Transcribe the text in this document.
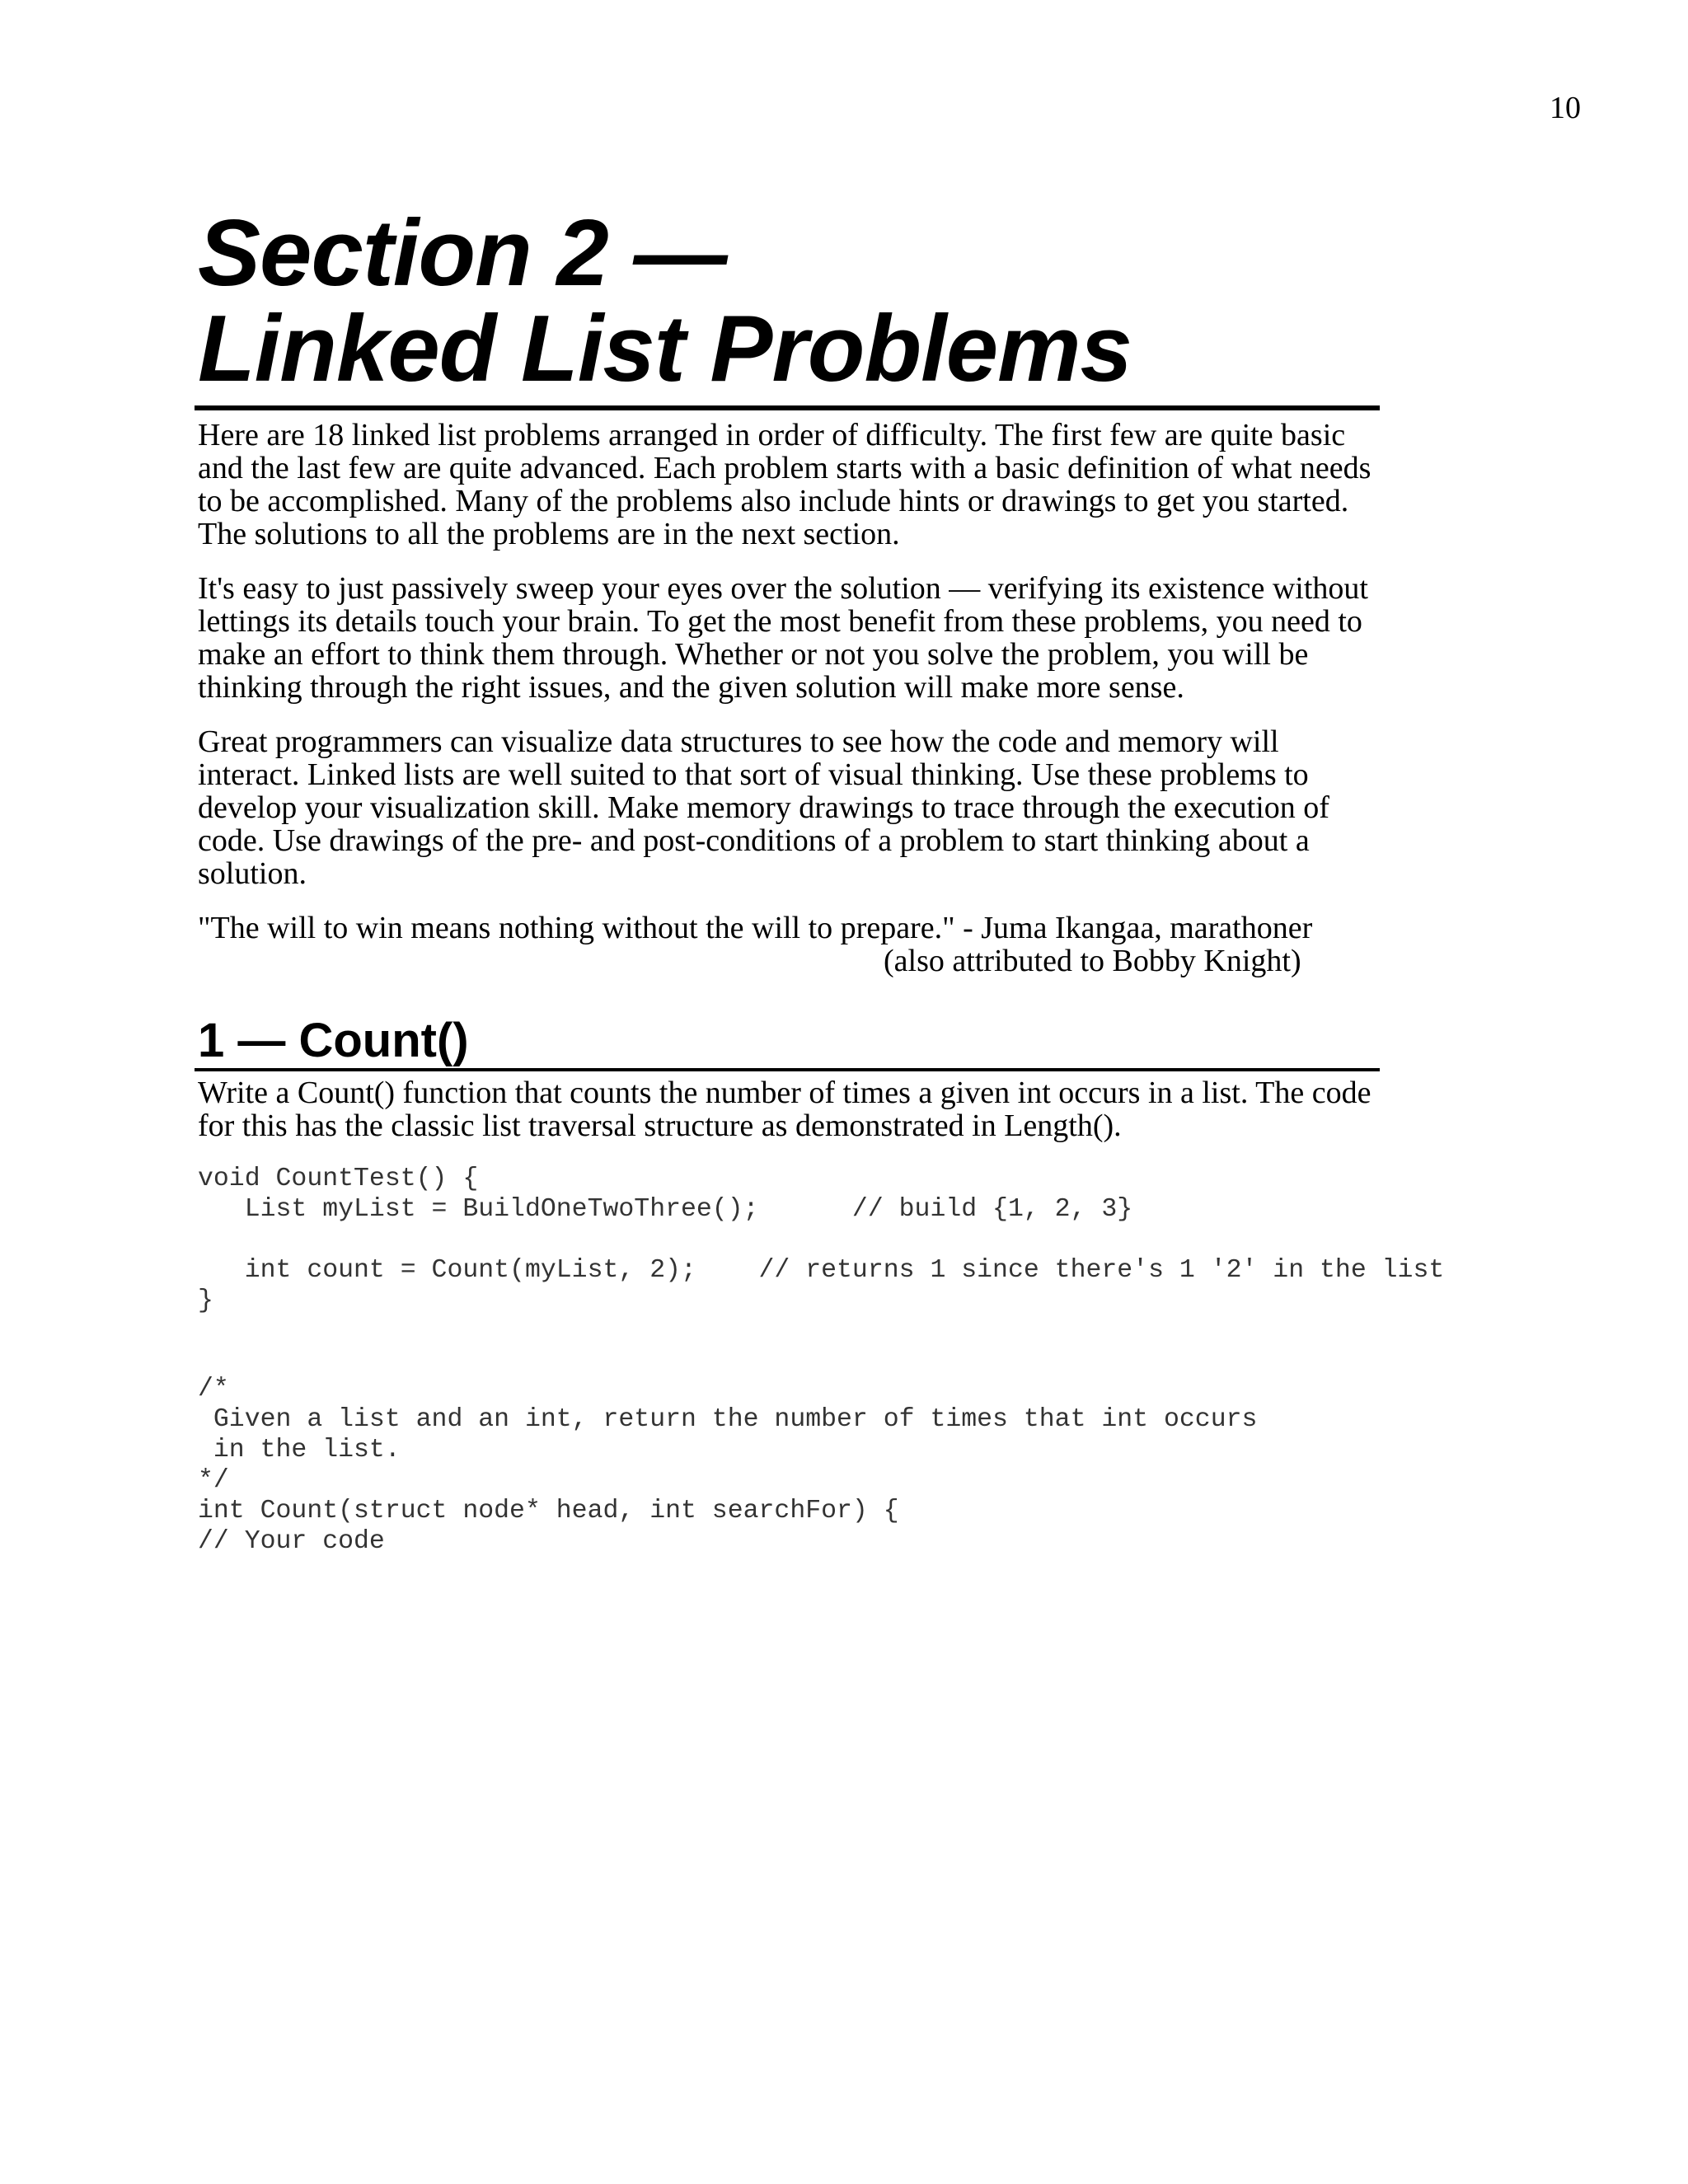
10
Section 2 —
Linked List Problems

Here are 18 linked list problems arranged in order of difficulty. The first few are quite basic and the last few are quite advanced. Each problem starts with a basic definition of what needs to be accomplished. Many of the problems also include hints or drawings to get you started. The solutions to all the problems are in the next section.

It's easy to just passively sweep your eyes over the solution — verifying its existence without lettings its details touch your brain. To get the most benefit from these problems, you need to make an effort to think them through. Whether or not you solve the problem, you will be thinking through the right issues, and the given solution will make more sense.

Great programmers can visualize data structures to see how the code and memory will interact. Linked lists are well suited to that sort of visual thinking. Use these problems to develop your visualization skill. Make memory drawings to trace through the execution of code. Use drawings of the pre- and post-conditions of a problem to start thinking about a solution.

"The will to win means nothing without the will to prepare." - Juma Ikangaa, marathoner

(also attributed to Bobby Knight)

1 — Count()

Write a Count() function that counts the number of times a given int occurs in a list. The code for this has the classic list traversal structure as demonstrated in Length().

void CountTest() {
List myList = BuildOneTwoThree();      // build {1, 2, 3}

int count = Count(myList, 2);    // returns 1 since there's 1 '2' in the list
}
/*
Given a list and an int, return the number of times that int occurs
in the list.
*/
int Count(struct node* head, int searchFor) {
// Your code
